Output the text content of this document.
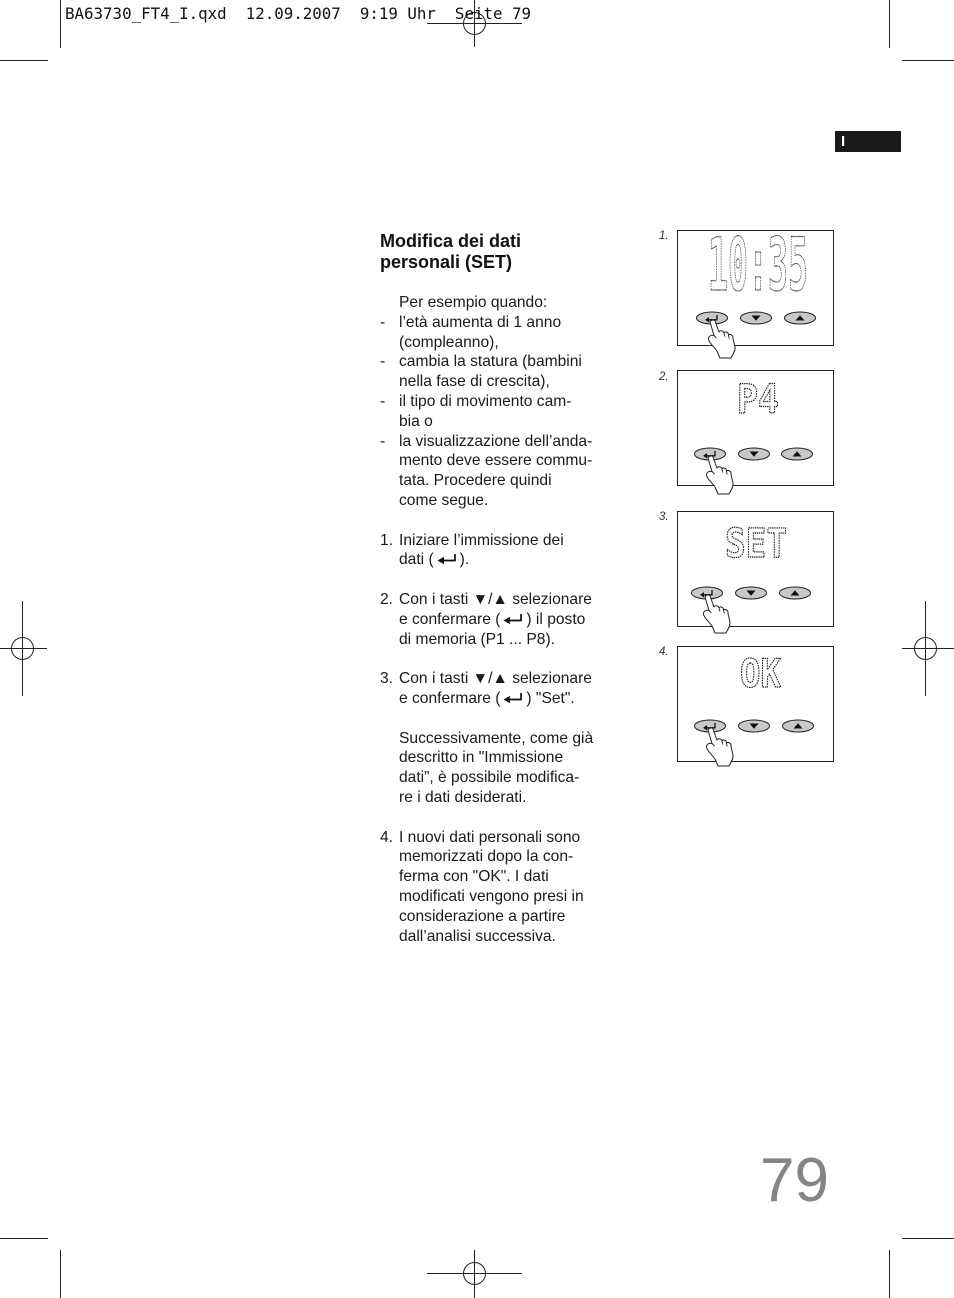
BA63730_FT4_I.qxd  12.09.2007  9:19 Uhr  Seite 79
I
Modifica dei dati
personali (SET)
Per esempio quando:
- l’età aumenta di 1 anno
(compleanno),
- cambia la statura (bambini
nella fase di crescita),
- il tipo di movimento cam-
bia o
- la visualizzazione dell’anda-
mento deve essere commu-
tata. Procedere quindi
come segue.
1. Iniziare l’immissione dei
dati ( ).
2. Con i tasti ▼/▲ selezionare
e confermare ( ) il posto
di memoria (P1 ... P8).
3. Con i tasti ▼/▲ selezionare
e confermare ( ) "Set".
Successivamente, come già
descritto in "Immissione
dati”, è possibile modifica-
re i dati desiderati.
4. I nuovi dati personali sono
memorizzati dopo la con-
ferma con "OK". I dati
modificati vengono presi in
considerazione a partire
dall’analisi successiva.
1. 10:35
2. P4
3.
SET
4. OK
79
